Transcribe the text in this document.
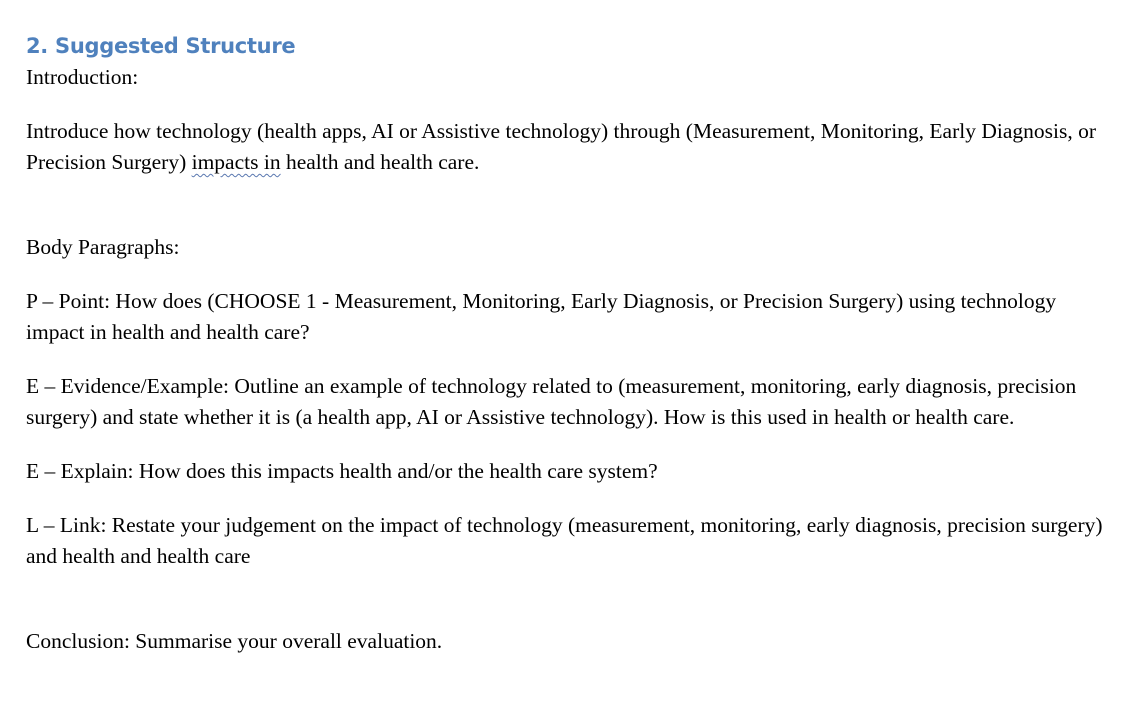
2. Suggested Structure

Introduction:

Introduce how technology (health apps, AI or Assistive technology) through (Measurement, Monitoring, Early Diagnosis, or Precision Surgery) impacts in health and health care.

Body Paragraphs:

P – Point: How does (CHOOSE 1 - Measurement, Monitoring, Early Diagnosis, or Precision Surgery) using technology impact in health and health care?

E – Evidence/Example: Outline an example of technology related to (measurement, monitoring, early diagnosis, precision surgery) and state whether it is (a health app, AI or Assistive technology). How is this used in health or health care.

E – Explain: How does this impacts health and/or the health care system?

L – Link: Restate your judgement on the impact of technology (measurement, monitoring, early diagnosis, precision surgery) and health and health care

Conclusion: Summarise your overall evaluation.
